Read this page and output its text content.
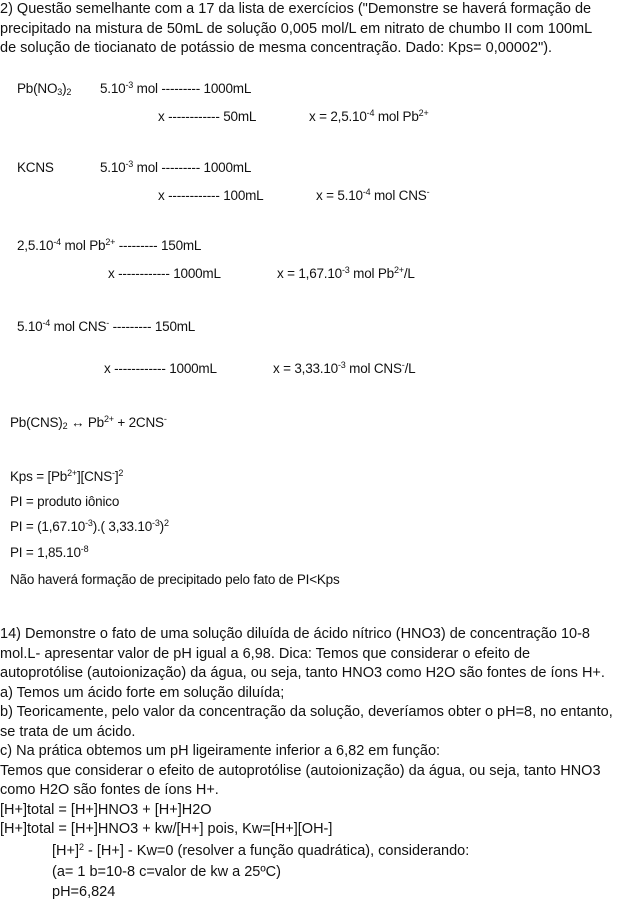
2) Questão semelhante com a 17 da lista de exercícios ("Demonstre se haverá formação de
precipitado na mistura de 50mL de solução 0,005 mol/L em nitrato de chumbo II com 100mL
de solução de tiocianato de potássio de mesma concentração. Dado: Kps= 0,00002").
$Pb(NO_3)_2$ $5.10^{-3}$ mol --------- 1000mL
x ------------ 50mL	$x = 2,5.10^{-4}$ mol $Pb^{2+}$
KCNS	$5.10^{-3}$ mol --------- 1000mL
x ------------ 100mL	$x = 5.10^{-4}$ mol CNS-
$2,5.10^{-4}$ mol $Pb^{2+}$ --------- 150mL
x ------------ 1000mL	$x = 1,67.10^{-3}$ mol $Pb^{2+}/L$
$5.10^{-4}$ mol CNS- --------- 150mL
x ------------ 1000mL	$x = 3,33.10^{-3}$ mol CNS-/L
$Pb(CNS)_2$ ↔ $Pb^{2+} + 2CNS^-$
Kps = $[Pb^{2+}][CNS^-]^2$
PI = produto iônico
PI = $(1,67.10^{-3})$.( $3,33.10^{-3})^2$
PI = $1,85.10^{-8}$
Não haverá formação de precipitado pelo fato de PI<Kps
14) Demonstre o fato de uma solução diluída de ácido nítrico (HNO3) de concentração 10-8
mol.L- apresentar valor de pH igual a 6,98. Dica: Temos que considerar o efeito de
autoprotólise (autoionização) da água, ou seja, tanto HNO3 como H2O são fontes de íons H+.
a) Temos um ácido forte em solução diluída;
b) Teoricamente, pelo valor da concentração da solução, deveríamos obter o pH=8, no entanto,
se trata de um ácido.
c) Na prática obtemos um pH ligeiramente inferior a 6,82 em função:
Temos que considerar o efeito de autoprotólise (autoionização) da água, ou seja, tanto HNO3
como H2O são fontes de íons H+.
[H+]total = [H+]HNO3 + [H+]H2O
[H+]total = [H+]HNO3 + kw/[H+] pois, Kw=[H+][OH-]
$[H+]^2 - [H+] - Kw=0$ (resolver a função quadrática), considerando:
(a= 1 b=10-8 c=valor de kw a 25ºC)
pH=6,824
